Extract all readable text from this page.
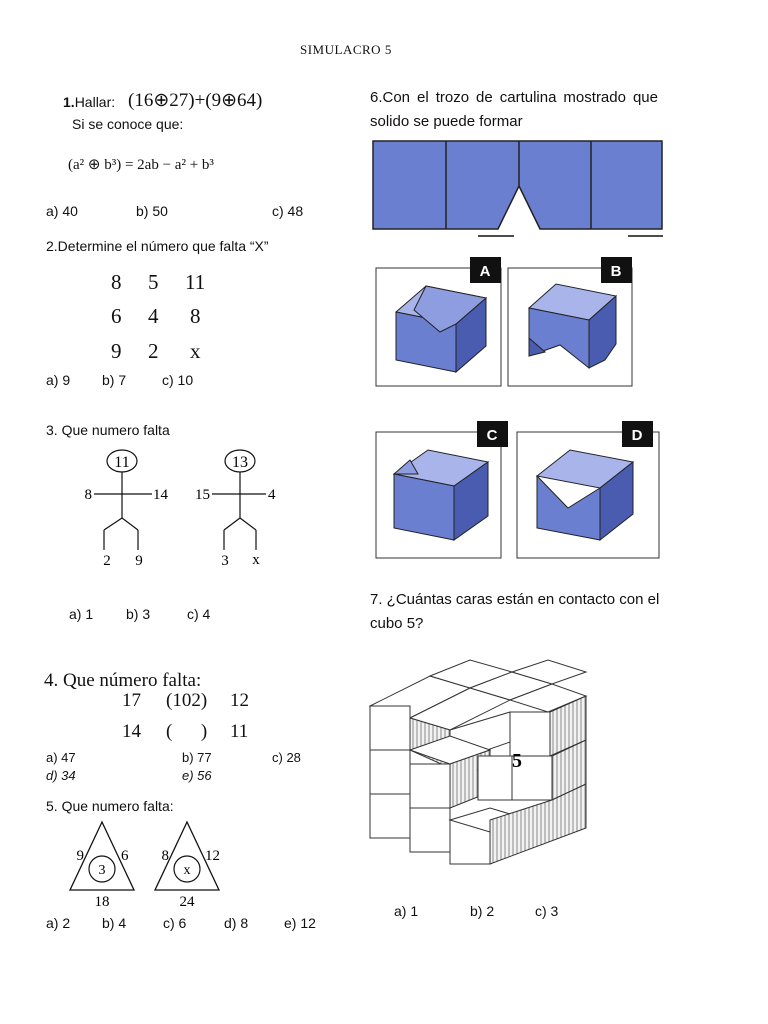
SIMULACRO 5
1.Hallar: (16⊕27)+(9⊕64)
Si se conoce que:
(a² ⊕ b³) = 2ab − a² + b³
a) 40	b) 50	c) 48
2.Determine el número que falta “X”
8 5 11
6 4 8
9 2 x
a) 9 b) 7	c) 10
3. Que numero falta
11
8	14
2 9
13
15	4
3 x
a) 1 b) 3	c) 4
4. Que número falta:
17 (102) 12
14 (      ) 11
a) 47	b) 77	c) 28
d) 34	e) 56
5. Que numero falta:
9 6
3
18
8 12
x
24
a) 2 b) 4	c) 6	d) 8	e) 12
6.Con el trozo de cartulina mostrado que solido se puede formar
A	B
C	D
7. ¿Cuántas caras están en contacto con el cubo 5?
5
a) 1	b) 2	c) 3
